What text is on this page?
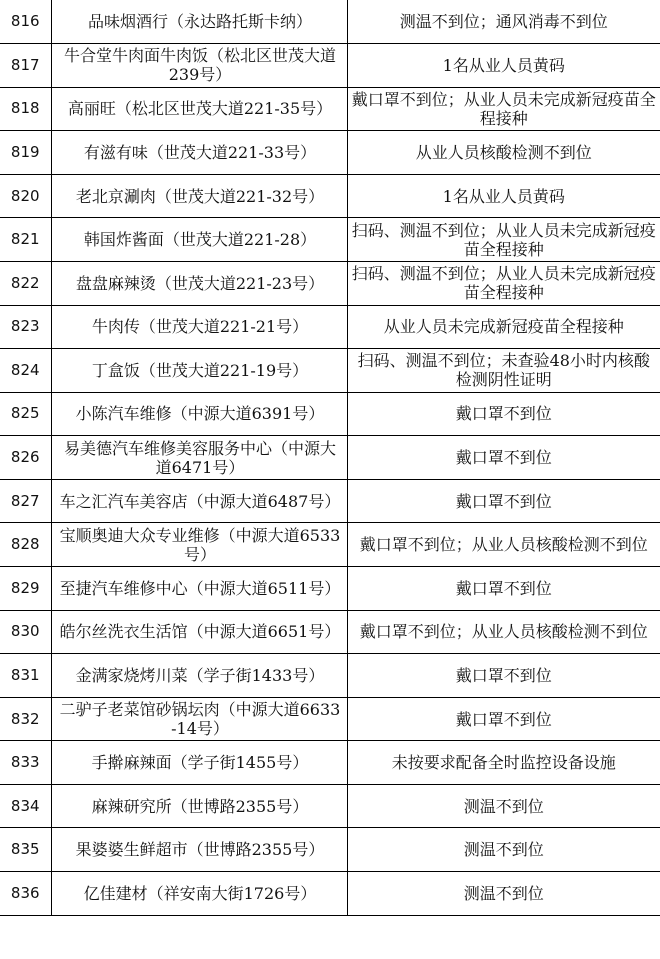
816	品味烟酒行（永达路托斯卡纳）	测温不到位；通风消毒不到位
817	牛合堂牛肉面牛肉饭（松北区世茂大道239号）	1名从业人员黄码
818	高丽旺（松北区世茂大道221-35号）	戴口罩不到位；从业人员未完成新冠疫苗全程接种
819	有滋有味（世茂大道221-33号）	从业人员核酸检测不到位
820	老北京涮肉（世茂大道221-32号）	1名从业人员黄码
821	韩国炸酱面（世茂大道221-28）	扫码、测温不到位；从业人员未完成新冠疫苗全程接种
822	盘盘麻辣烫（世茂大道221-23号）	扫码、测温不到位；从业人员未完成新冠疫苗全程接种
823	牛肉传（世茂大道221-21号）	从业人员未完成新冠疫苗全程接种
824	丁盒饭（世茂大道221-19号）	扫码、测温不到位；未查验48小时内核酸检测阴性证明
825	小陈汽车维修（中源大道6391号）	戴口罩不到位
826	易美德汽车维修美容服务中心（中源大道6471号）	戴口罩不到位
827	车之汇汽车美容店（中源大道6487号）	戴口罩不到位
828	宝顺奥迪大众专业维修（中源大道6533号）	戴口罩不到位；从业人员核酸检测不到位
829	至捷汽车维修中心（中源大道6511号）	戴口罩不到位
830	皓尔丝洗衣生活馆（中源大道6651号）	戴口罩不到位；从业人员核酸检测不到位
831	金满家烧烤川菜（学子街1433号）	戴口罩不到位
832	二驴子老菜馆砂锅坛肉（中源大道6633-14号）	戴口罩不到位
833	手擀麻辣面（学子街1455号）	未按要求配备全时监控设备设施
834	麻辣研究所（世博路2355号）	测温不到位
835	果婆婆生鲜超市（世博路2355号）	测温不到位
836	亿佳建材（祥安南大街1726号）	测温不到位
